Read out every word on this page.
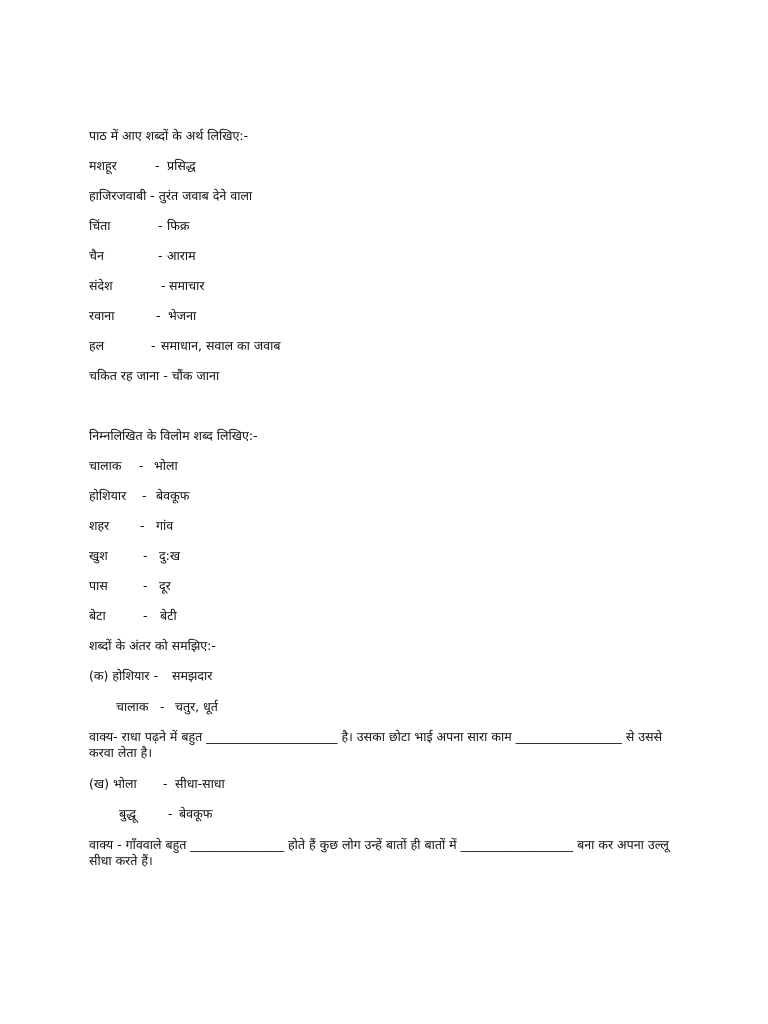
पाठ में आए शब्दों के अर्थ लिखिए:-
मशहूर	- प्रसिद्ध
हाजिरजवाबी - तुरंत जवाब देने वाला
चिंता	- फिक्र
चैन	- आराम
संदेश	- समाचार
रवाना	- भेजना
हल	- समाधान, सवाल का जवाब
चकित रह जाना - चौंक जाना
निम्नलिखित के विलोम शब्द लिखिए:-
चालाक - भोला
होशियार - बेवकूफ
शहर - गांव
खुश	- दु:ख
पास	- दूर
बेटा	- बेटी
शब्दों के अंतर को समझिए:-
(क) होशियार - समझदार
चालाक - चतुर, धूर्त
वाक्य- राधा पढ़ने में बहुत _____________________ है। उसका छोटा भाई अपना सारा काम _________________ से उससे करवा लेता है।
(ख) भोला - सीधा-साधा
बुद्धू	- बेवकूफ
वाक्य - गाँववाले बहुत _______________ होते हैं कुछ लोग उन्हें बातों ही बातों में __________________ बना कर अपना उल्लू सीधा करते हैं।
